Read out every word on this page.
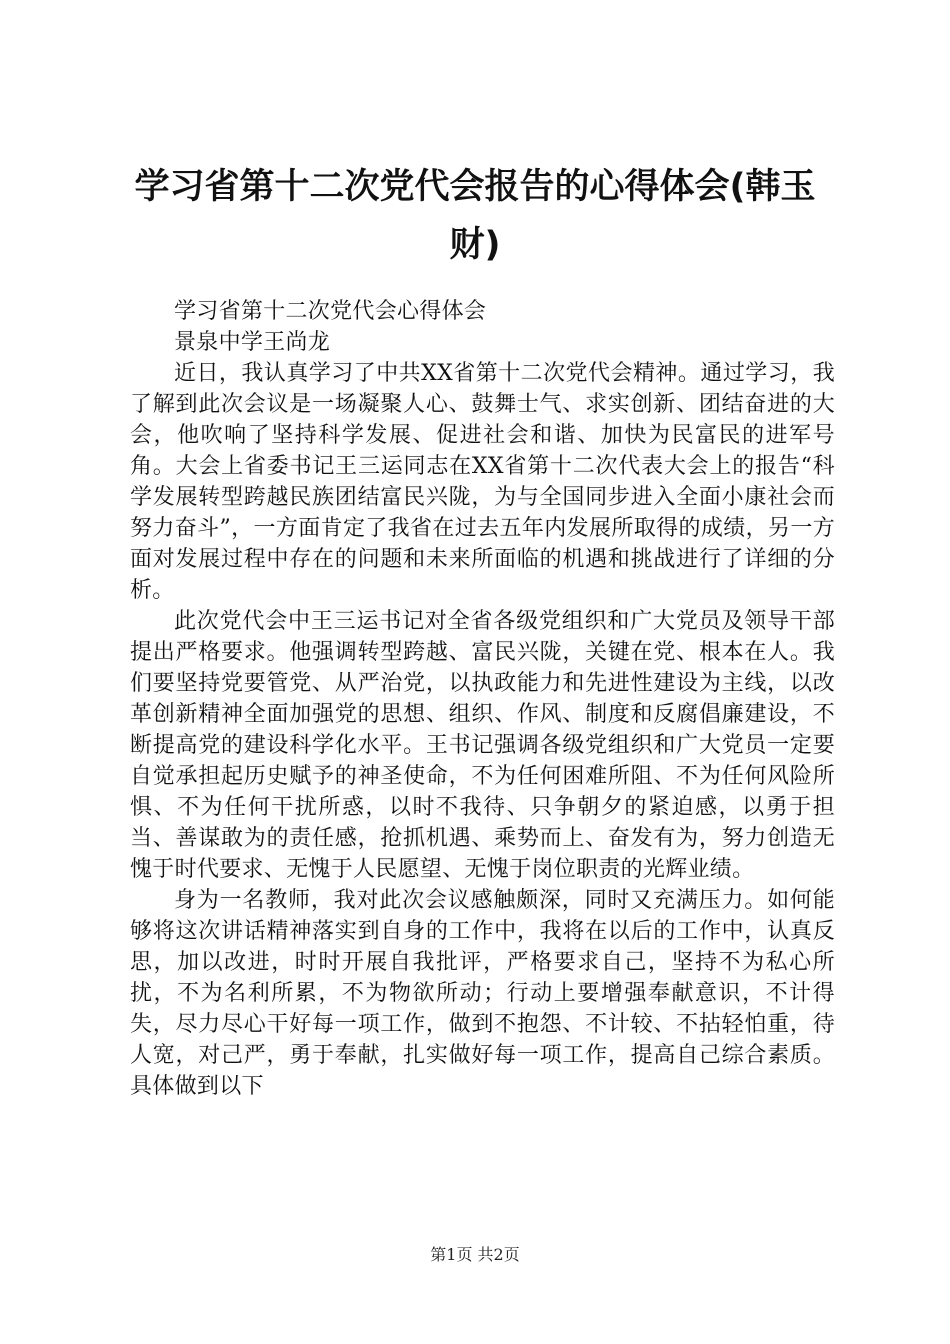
学习省第十二次党代会报告的心得体会(韩玉财)

学习省第十二次党代会心得体会

景泉中学王尚龙

近日，我认真学习了中共XX省第十二次党代会精神。通过学习，我了解到此次会议是一场凝聚人心、鼓舞士气、求实创新、团结奋进的大会，他吹响了坚持科学发展、促进社会和谐、加快为民富民的进军号角。大会上省委书记王三运同志在XX省第十二次代表大会上的报告“科学发展转型跨越民族团结富民兴陇，为与全国同步进入全面小康社会而努力奋斗”，一方面肯定了我省在过去五年内发展所取得的成绩，另一方面对发展过程中存在的问题和未来所面临的机遇和挑战进行了详细的分析。

此次党代会中王三运书记对全省各级党组织和广大党员及领导干部提出严格要求。他强调转型跨越、富民兴陇，关键在党、根本在人。我们要坚持党要管党、从严治党，以执政能力和先进性建设为主线，以改革创新精神全面加强党的思想、组织、作风、制度和反腐倡廉建设，不断提高党的建设科学化水平。王书记强调各级党组织和广大党员一定要自觉承担起历史赋予的神圣使命，不为任何困难所阻、不为任何风险所惧、不为任何干扰所惑，以时不我待、只争朝夕的紧迫感，以勇于担当、善谋敢为的责任感，抢抓机遇、乘势而上、奋发有为，努力创造无愧于时代要求、无愧于人民愿望、无愧于岗位职责的光辉业绩。

身为一名教师，我对此次会议感触颇深，同时又充满压力。如何能够将这次讲话精神落实到自身的工作中，我将在以后的工作中，认真反思，加以改进，时时开展自我批评，严格要求自己，坚持不为私心所扰，不为名利所累，不为物欲所动；行动上要增强奉献意识，不计得失，尽力尽心干好每一项工作，做到不抱怨、不计较、不拈轻怕重，待人宽，对己严，勇于奉献，扎实做好每一项工作，提高自己综合素质。具体做到以下

第1页 共2页
